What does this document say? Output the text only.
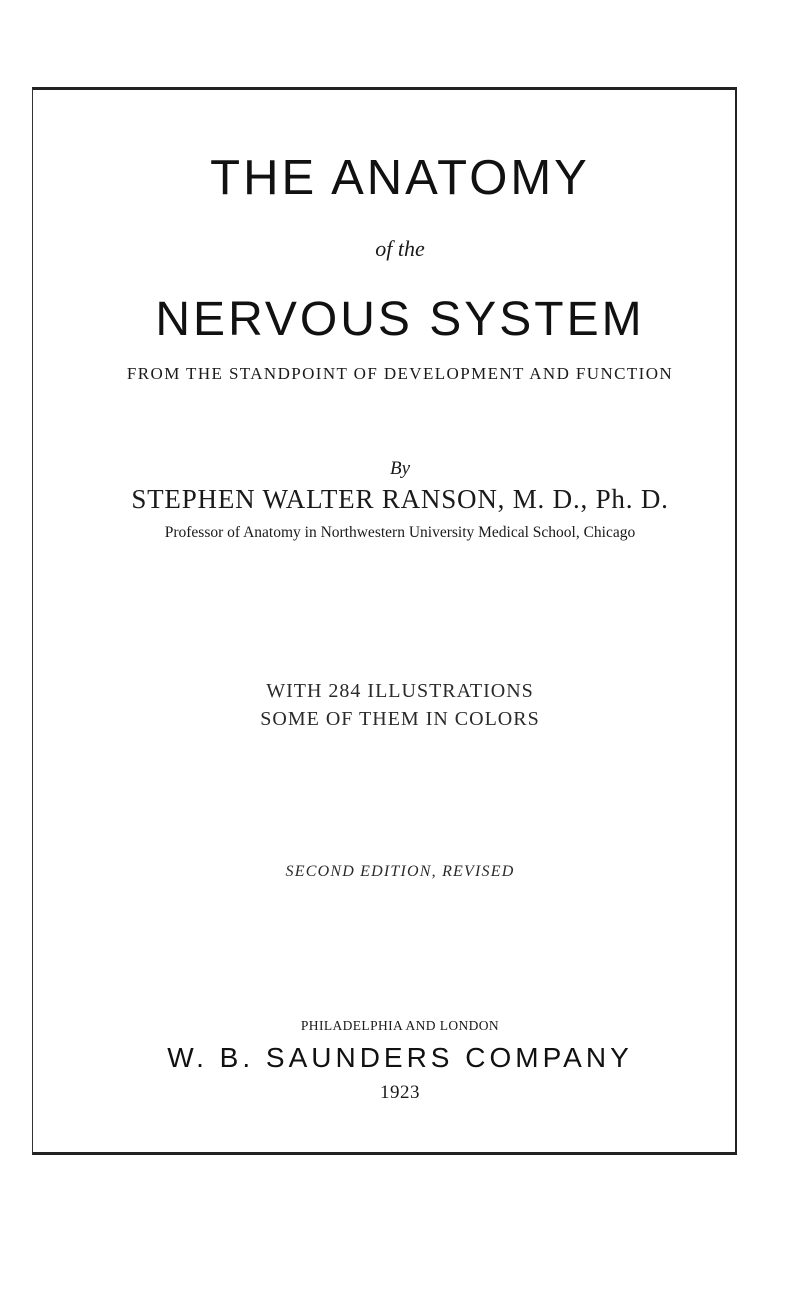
THE ANATOMY
of the
NERVOUS SYSTEM
FROM THE STANDPOINT OF DEVELOPMENT AND FUNCTION
By
STEPHEN WALTER RANSON, M. D., Ph. D.
Professor of Anatomy in Northwestern University Medical School, Chicago
WITH 284 ILLUSTRATIONS
SOME OF THEM IN COLORS
SECOND EDITION, REVISED
PHILADELPHIA AND LONDON
W. B. SAUNDERS COMPANY
1923
